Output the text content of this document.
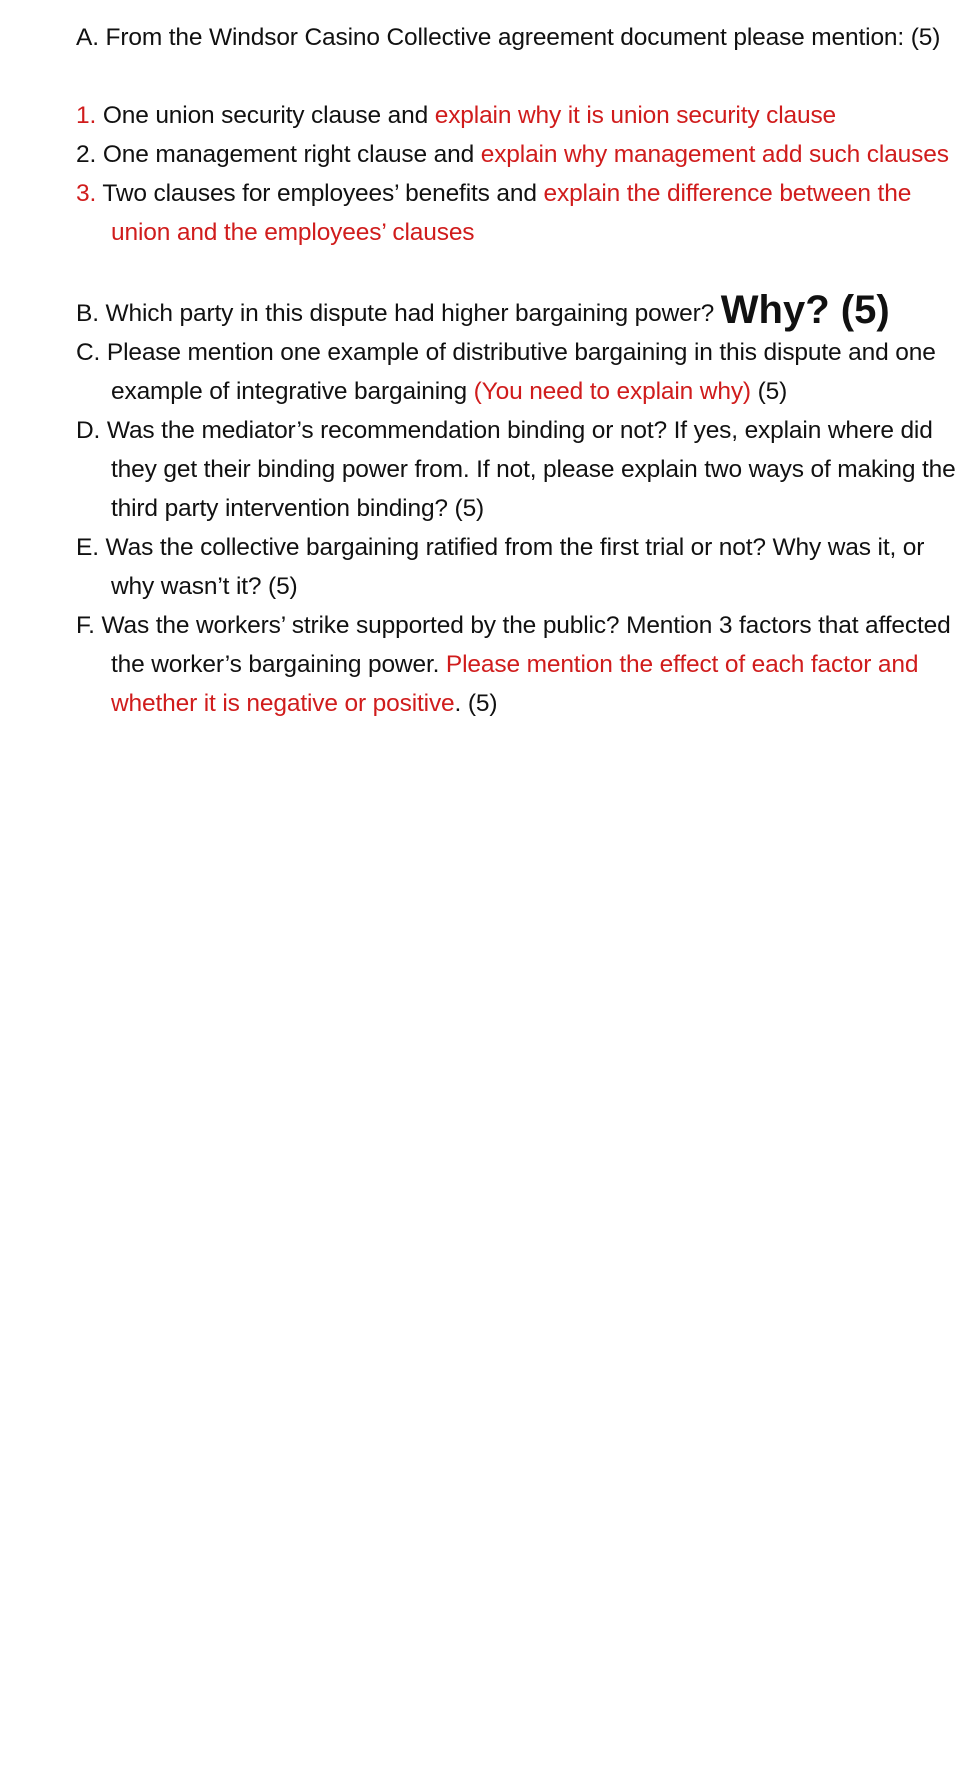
A. From the Windsor Casino Collective agreement document please mention: (5)

1. One union security clause and explain why it is union security clause

2. One management right clause and explain why management add such clauses

3. Two clauses for employees’ benefits and explain the difference between the union and the employees’ clauses

B. Which party in this dispute had higher bargaining power? Why? (5)

C. Please mention one example of distributive bargaining in this dispute and one example of integrative bargaining (You need to explain why) (5)

D. Was the mediator’s recommendation binding or not? If yes, explain where did they get their binding power from. If not, please explain two ways of making the third party intervention binding? (5)

E. Was the collective bargaining ratified from the first trial or not? Why was it, or why wasn’t it? (5)

F. Was the workers’ strike supported by the public? Mention 3 factors that affected the worker’s bargaining power. Please mention the effect of each factor and whether it is negative or positive. (5)
